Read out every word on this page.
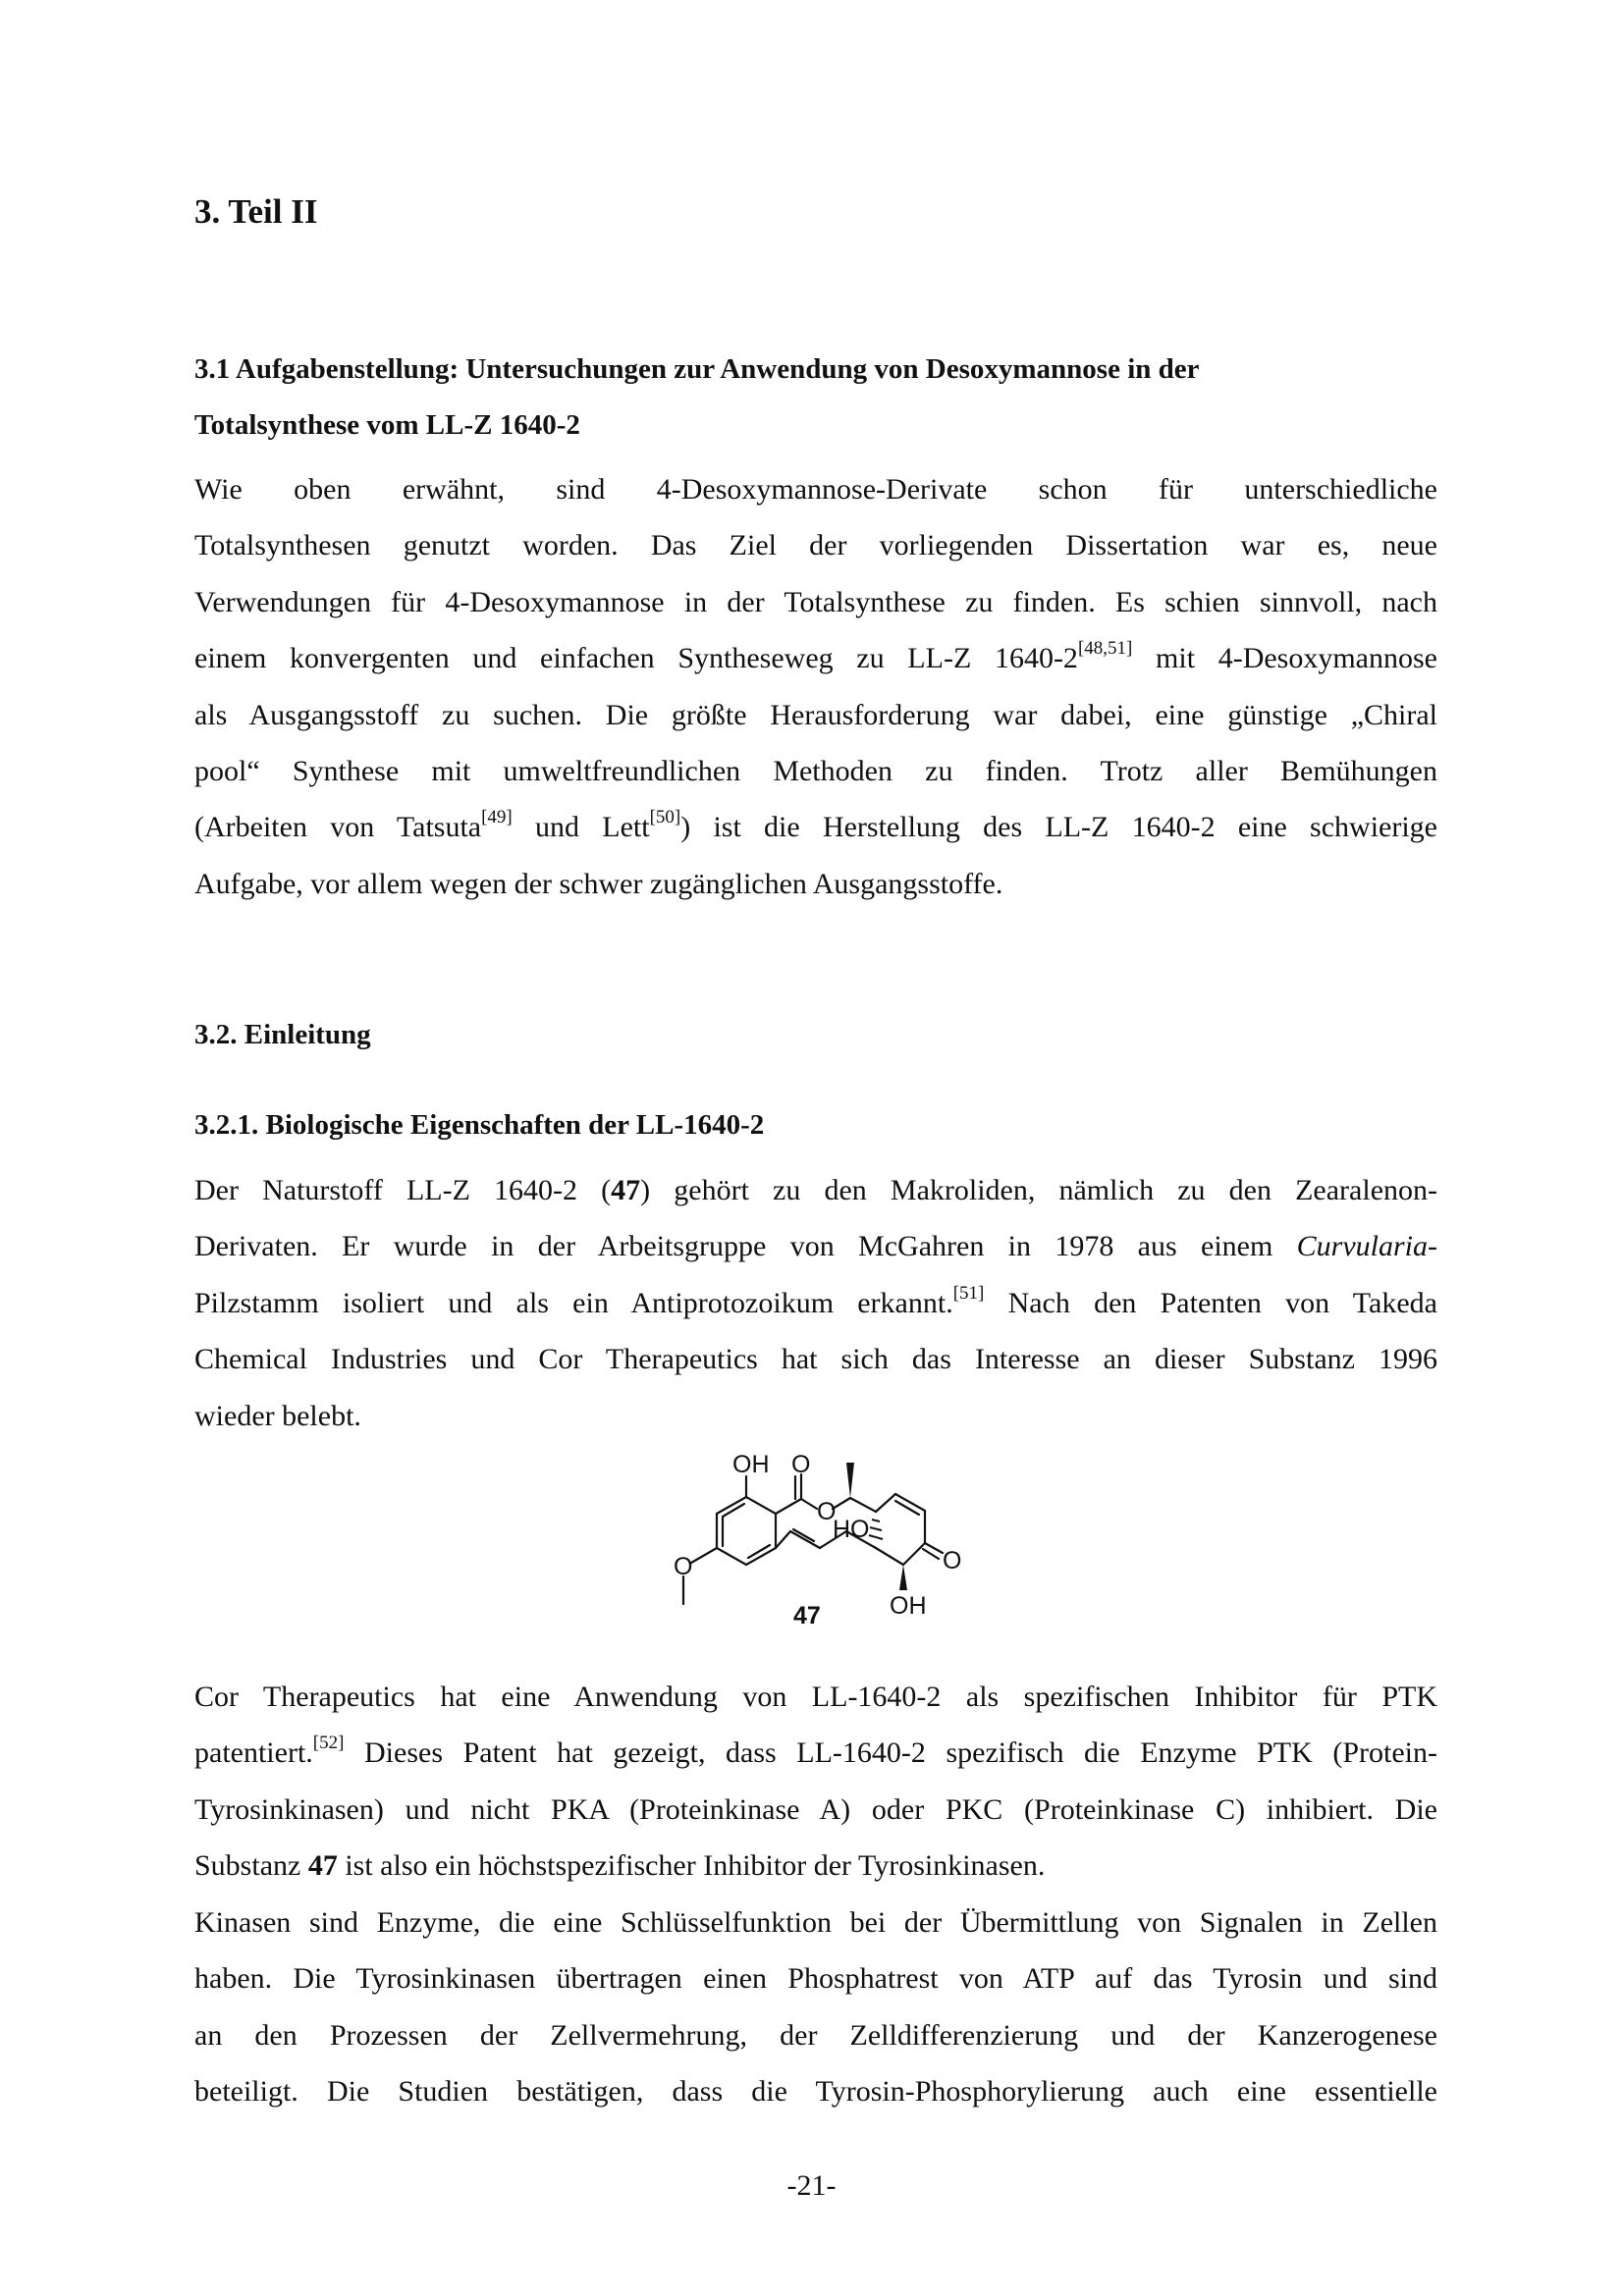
3. Teil II
3.1 Aufgabenstellung: Untersuchungen zur Anwendung von Desoxymannose in der
Totalsynthese vom LL-Z 1640-2
Wie oben erwähnt, sind 4-Desoxymannose-Derivate schon für unterschiedliche
Totalsynthesen genutzt worden. Das Ziel der vorliegenden Dissertation war es, neue
Verwendungen für 4-Desoxymannose in der Totalsynthese zu finden. Es schien sinnvoll, nach
einem konvergenten und einfachen Syntheseweg zu LL-Z 1640-2[48,51] mit 4-Desoxymannose
als Ausgangsstoff zu suchen. Die größte Herausforderung war dabei, eine günstige „Chiral
pool“ Synthese mit umweltfreundlichen Methoden zu finden. Trotz aller Bemühungen
(Arbeiten von Tatsuta[49] und Lett[50]) ist die Herstellung des LL-Z 1640-2 eine schwierige
Aufgabe, vor allem wegen der schwer zugänglichen Ausgangsstoffe.
3.2. Einleitung
3.2.1. Biologische Eigenschaften der LL-1640-2
Der Naturstoff LL-Z 1640-2 (47) gehört zu den Makroliden, nämlich zu den Zearalenon-
Derivaten. Er wurde in der Arbeitsgruppe von McGahren in 1978 aus einem Curvularia-
Pilzstamm isoliert und als ein Antiprotozoikum erkannt.[51] Nach den Patenten von Takeda
Chemical Industries und Cor Therapeutics hat sich das Interesse an dieser Substanz 1996
wieder belebt.
OH O
O
HO
O
O
OH
47
Cor Therapeutics hat eine Anwendung von LL-1640-2 als spezifischen Inhibitor für PTK
patentiert.[52] Dieses Patent hat gezeigt, dass LL-1640-2 spezifisch die Enzyme PTK (Protein-
Tyrosinkinasen) und nicht PKA (Proteinkinase A) oder PKC (Proteinkinase C) inhibiert. Die
Substanz 47 ist also ein höchstspezifischer Inhibitor der Tyrosinkinasen.
Kinasen sind Enzyme, die eine Schlüsselfunktion bei der Übermittlung von Signalen in Zellen
haben. Die Tyrosinkinasen übertragen einen Phosphatrest von ATP auf das Tyrosin und sind
an den Prozessen der Zellvermehrung, der Zelldifferenzierung und der Kanzerogenese
beteiligt. Die Studien bestätigen, dass die Tyrosin-Phosphorylierung auch eine essentielle
-21-
